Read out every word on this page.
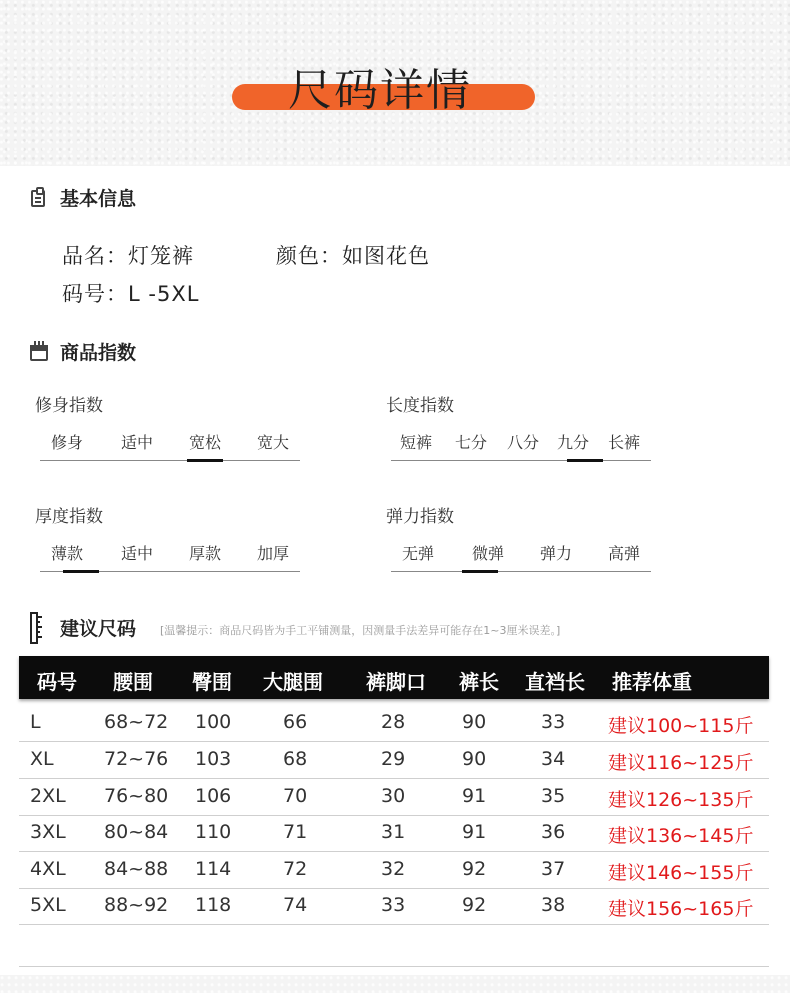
尺码详情
基本信息
品名：灯笼裤	颜色：如图花色
码号：L -5XL
商品指数
修身指数
修身	适中	宽松	宽大
长度指数
短裤	七分	八分	九分	长裤
厚度指数
薄款	适中	厚款	加厚
弹力指数
无弹	微弹	弹力	高弹
建议尺码 [温馨提示：商品尺码皆为手工平铺测量，因测量手法差异可能存在1~3厘米误差。]
码号 腰围 臀围 大腿围 裤脚口 裤长 直裆长 推荐体重
L	68~72 100	66	28	90	33 建议100~115斤
XL	72~76 103	68	29	90	34 建议116~125斤
2XL 76~80 106	70	30	91	35 建议126~135斤
3XL 80~84 110	71	31	91	36 建议136~145斤
4XL 84~88 114	72	32	92	37 建议146~155斤
5XL 88~92 118	74	33	92	38 建议156~165斤
